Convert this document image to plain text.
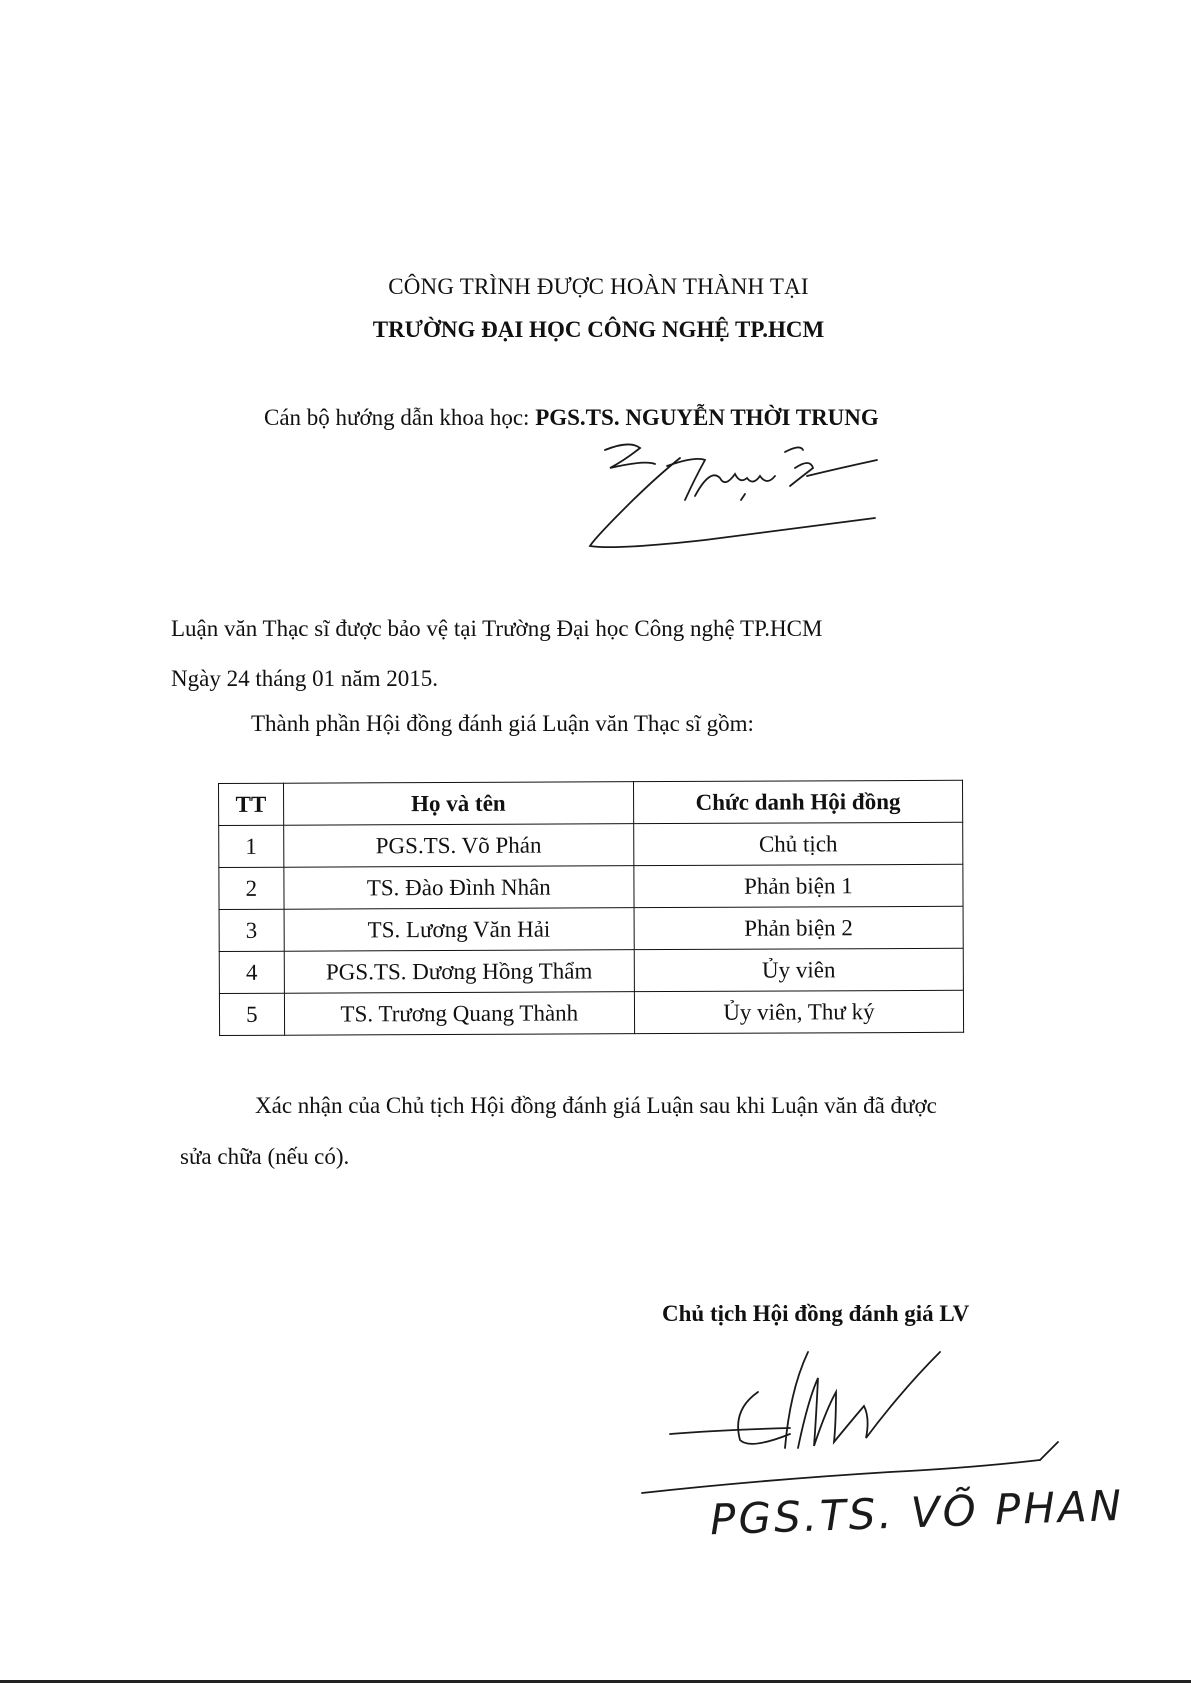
CÔNG TRÌNH ĐƯỢC HOÀN THÀNH TẠI
TRƯỜNG ĐẠI HỌC CÔNG NGHỆ TP.HCM
Cán bộ hướng dẫn khoa học: PGS.TS. NGUYỄN THỜI TRUNG
Luận văn Thạc sĩ được bảo vệ tại Trường Đại học Công nghệ TP.HCM
Ngày 24 tháng 01 năm 2015.
Thành phần Hội đồng đánh giá Luận văn Thạc sĩ gồm:
TT	Họ và tên	Chức danh Hội đồng
1	PGS.TS. Võ Phán	Chủ tịch
2	TS. Đào Đình Nhân	Phản biện 1
3	TS. Lương Văn Hải	Phản biện 2
4	PGS.TS. Dương Hồng Thẩm	Ủy viên
5	TS. Trương Quang Thành	Ủy viên, Thư ký
Xác nhận của Chủ tịch Hội đồng đánh giá Luận sau khi Luận văn đã được
sửa chữa (nếu có).
Chủ tịch Hội đồng đánh giá LV
PGS.TS. VÕ PHAN
